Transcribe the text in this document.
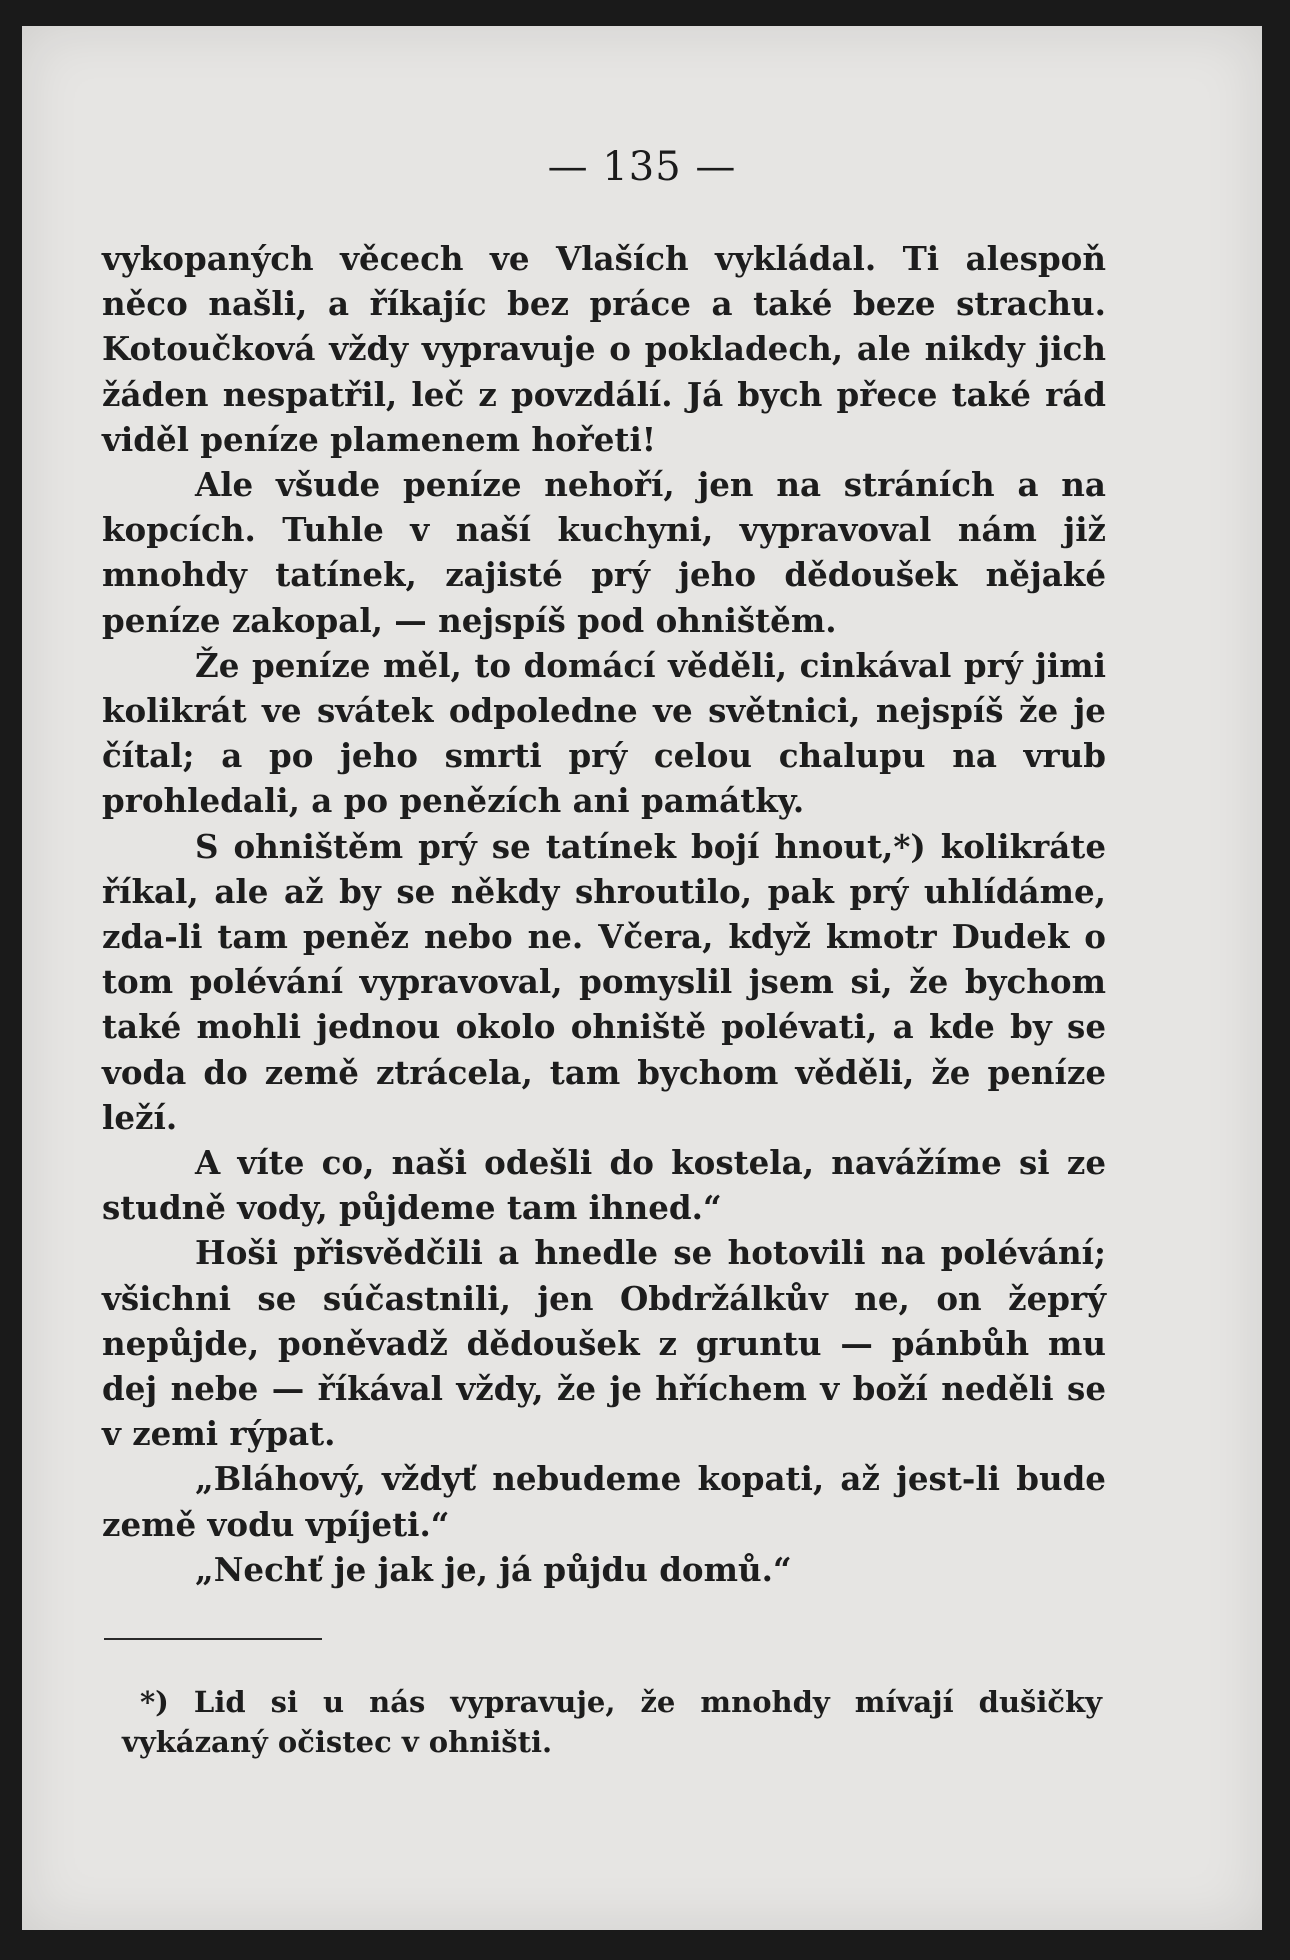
— 135 —

vykopaných věcech ve Vlaších vykládal. Ti alespoň něco našli, a říkajíc bez práce a také beze strachu. Kotoučková vždy vypravuje o pokladech, ale nikdy jich žáden nespatřil, leč z povzdálí. Já bych přece také rád viděl peníze plamenem hořeti!

Ale všude peníze nehoří, jen na stráních a na kopcích. Tuhle v naší kuchyni, vypravoval nám již mnohdy tatínek, zajisté prý jeho dědoušek nějaké peníze zakopal, — nejspíš pod ohništěm.

Že peníze měl, to domácí věděli, cinkával prý jimi kolikrát ve svátek odpoledne ve světnici, nejspíš že je čítal; a po jeho smrti prý celou chalupu na vrub prohledali, a po penězích ani památky.

S ohništěm prý se tatínek bojí hnout,*) kolikráte říkal, ale až by se někdy shroutilo, pak prý uhlídáme, zda-li tam peněz nebo ne. Včera, když kmotr Dudek o tom polévání vypravoval, pomyslil jsem si, že bychom také mohli jednou okolo ohniště polévati, a kde by se voda do země ztrácela, tam bychom věděli, že peníze leží.

A víte co, naši odešli do kostela, navážíme si ze studně vody, půjdeme tam ihned.“

Hoši přisvědčili a hnedle se hotovili na polévání; všichni se súčastnili, jen Obdržálkův ne, on žeprý nepůjde, poněvadž dědoušek z gruntu — pánbůh mu dej nebe — říkával vždy, že je hříchem v boží neděli se v zemi rýpat.

„Bláhový, vždyť nebudeme kopati, až jest-li bude země vodu vpíjeti.“

„Nechť je jak je, já půjdu domů.“

*) Lid si u nás vypravuje, že mnohdy mívají dušičky vykázaný očistec v ohništi.
